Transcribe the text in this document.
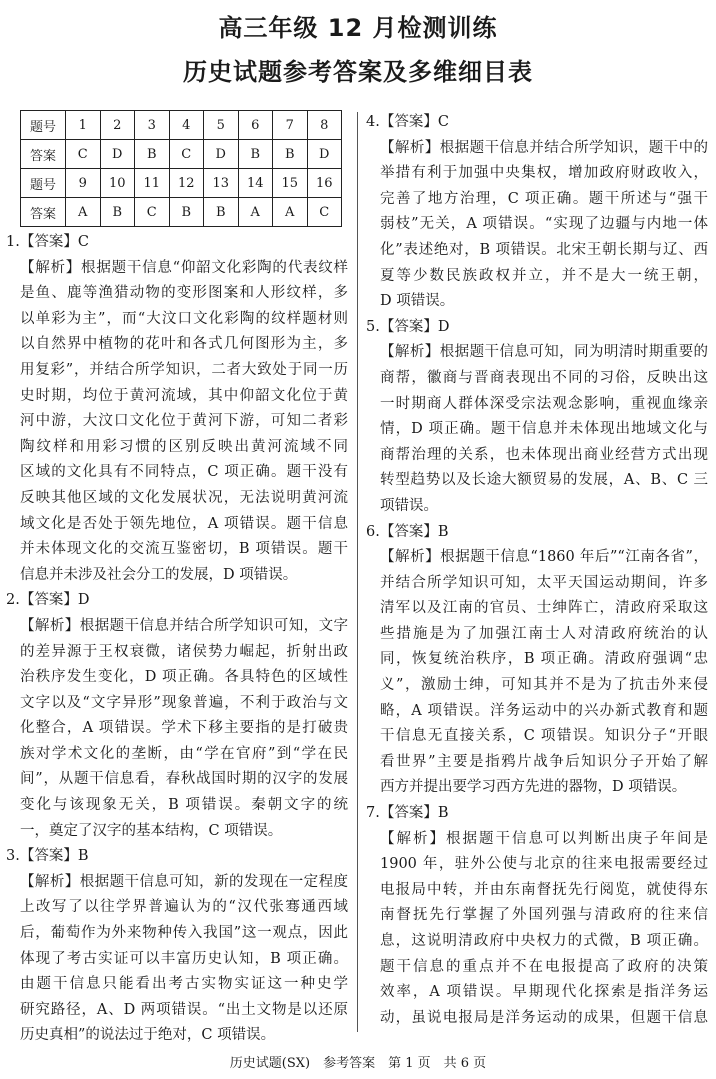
高三年级 12 月检测训练
历史试题参考答案及多维细目表
题号	1	2	3	4	5	6	7	8
答案	C	D	B	C	D	B	B	D
题号	9	10	11	12	13	14	15	16
答案	A	B	C	B	B	A	A	C
1.【答案】C
【解析】根据题干信息“仰韶文化彩陶的代表纹样
是鱼、鹿等渔猎动物的变形图案和人形纹样，多
以单彩为主”，而“大汶口文化彩陶的纹样题材则
以自然界中植物的花叶和各式几何图形为主，多
用复彩”，并结合所学知识，二者大致处于同一历
史时期，均位于黄河流域，其中仰韶文化位于黄
河中游，大汶口文化位于黄河下游，可知二者彩
陶纹样和用彩习惯的区别反映出黄河流域不同
区域的文化具有不同特点，C 项正确。题干没有
反映其他区域的文化发展状况，无法说明黄河流
域文化是否处于领先地位，A 项错误。题干信息
并未体现文化的交流互鉴密切，B 项错误。题干
信息并未涉及社会分工的发展，D 项错误。
2.【答案】D
【解析】根据题干信息并结合所学知识可知，文字
的差异源于王权衰微，诸侯势力崛起，折射出政
治秩序发生变化，D 项正确。各具特色的区域性
文字以及“文字异形”现象普遍，不利于政治与文
化整合，A 项错误。学术下移主要指的是打破贵
族对学术文化的垄断，由“学在官府”到“学在民
间”，从题干信息看，春秋战国时期的汉字的发展
变化与该现象无关，B 项错误。秦朝文字的统
一，奠定了汉字的基本结构，C 项错误。
3.【答案】B
【解析】根据题干信息可知，新的发现在一定程度
上改写了以往学界普遍认为的“汉代张骞通西域
后，葡萄作为外来物种传入我国”这一观点，因此
体现了考古实证可以丰富历史认知，B 项正确。
由题干信息只能看出考古实物实证这一种史学
研究路径，A、D 两项错误。“出土文物是以还原
历史真相”的说法过于绝对，C 项错误。
4.【答案】C
【解析】根据题干信息并结合所学知识，题干中的
举措有利于加强中央集权，增加政府财政收入，
完善了地方治理，C 项正确。题干所述与“强干
弱枝”无关，A 项错误。“实现了边疆与内地一体
化”表述绝对，B 项错误。北宋王朝长期与辽、西
夏等少数民族政权并立，并不是大一统王朝，
D 项错误。
5.【答案】D
【解析】根据题干信息可知，同为明清时期重要的
商帮，徽商与晋商表现出不同的习俗，反映出这
一时期商人群体深受宗法观念影响，重视血缘亲
情，D 项正确。题干信息并未体现出地域文化与
商帮治理的关系，也未体现出商业经营方式出现
转型趋势以及长途大额贸易的发展，A、B、C 三
项错误。
6.【答案】B
【解析】根据题干信息“1860 年后”“江南各省”，
并结合所学知识可知，太平天国运动期间，许多
清军以及江南的官员、士绅阵亡，清政府采取这
些措施是为了加强江南士人对清政府统治的认
同，恢复统治秩序，B 项正确。清政府强调“忠
义”，激励士绅，可知其并不是为了抗击外来侵
略，A 项错误。洋务运动中的兴办新式教育和题
干信息无直接关系，C 项错误。知识分子“开眼
看世界”主要是指鸦片战争后知识分子开始了解
西方并提出要学习西方先进的器物，D 项错误。
7.【答案】B
【解析】根据题干信息可以判断出庚子年间是
1900 年，驻外公使与北京的往来电报需要经过
电报局中转，并由东南督抚先行阅览，就使得东
南督抚先行掌握了外国列强与清政府的往来信
息，这说明清政府中央权力的式微，B 项正确。
题干信息的重点并不在电报提高了政府的决策
效率，A 项错误。早期现代化探索是指洋务运
动，虽说电报局是洋务运动的成果，但题干信息
历史试题(SX)　参考答案　第 1 页　共 6 页
